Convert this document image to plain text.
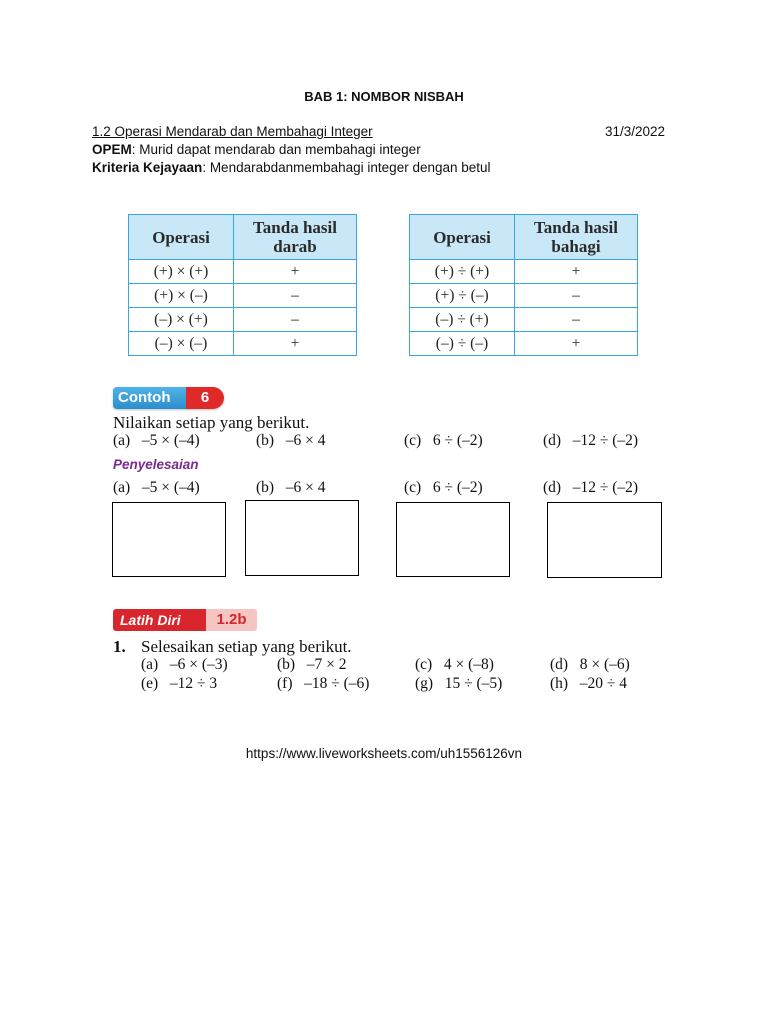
BAB 1: NOMBOR NISBAH
1.2 Operasi Mendarab dan Membahagi Integer	31/3/2022
OPEM: Murid dapat mendarab dan membahagi integer
Kriteria Kejayaan: Mendarabdanmembahagi integer dengan betul
Operasi	Tanda hasil darab
(+) × (+)	+
(+) × (–)	–
(–) × (+)	–
(–) × (–)	+
Operasi	Tanda hasil bahagi
(+) ÷ (+)	+
(+) ÷ (–)	–
(–) ÷ (+)	–
(–) ÷ (–)	+
Contoh	6
Nilaikan setiap yang berikut.
(a)   –5 × (–4)	(b)   –6 × 4	(c)   6 ÷ (–2)	(d)   –12 ÷ (–2)
Penyelesaian
(a)   –5 × (–4)	(b)   –6 × 4	(c)   6 ÷ (–2)	(d)   –12 ÷ (–2)
Latih Diri	1.2b
1. Selesaikan setiap yang berikut.
(a)   –6 × (–3)	(b)   –7 × 2	(c)   4 × (–8)	(d)   8 × (–6)
(e)   –12 ÷ 3	(f)   –18 ÷ (–6)	(g)   15 ÷ (–5)	(h)   –20 ÷ 4
https://www.liveworksheets.com/uh1556126vn
